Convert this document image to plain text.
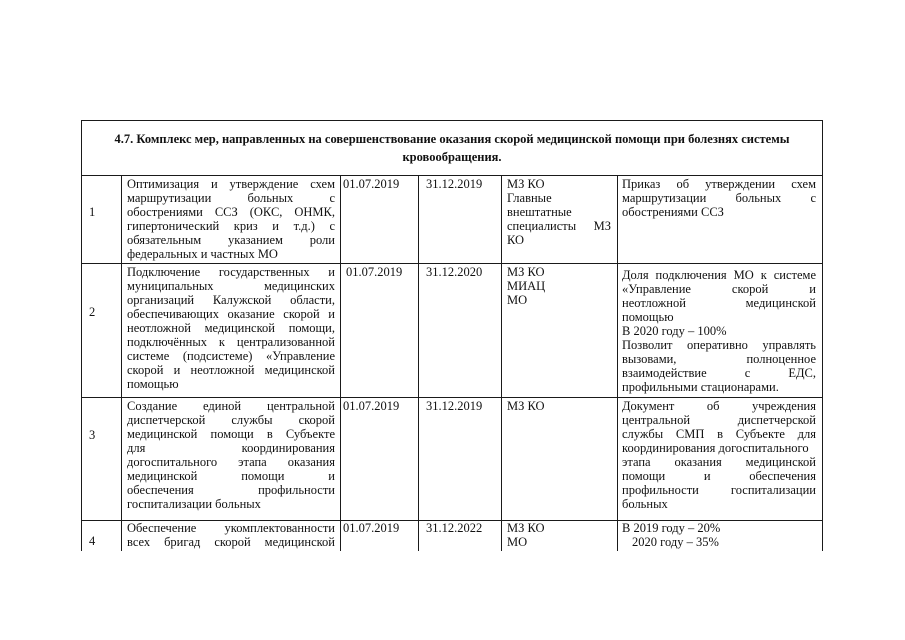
4.7. Комплекс мер, направленных на совершенствование оказания скорой медицинской помощи при болезнях системы
кровообращения.
1

Оптимизация и утверждение схем

маршрутизации больных с

обострениями ССЗ (ОКС, ОНМК,

гипертонический криз и т.д.) с

обязательным указанием роли

федеральных и частных МО

01.07.2019 31.12.2019 МЗ КО

Главные

внештатные

специалисты МЗ

КО

Приказ об утверждении схем

маршрутизации больных с

обострениями ССЗ

2

Подключение государственных и

муниципальных медицинских

организаций Калужской области,

обеспечивающих оказание скорой и

неотложной медицинской помощи,

подключённых к централизованной

системе (подсистеме) «Управление

скорой и неотложной медицинской

помощью

01.07.2019 31.12.2020 МЗ КО

МИАЦ

МО

Доля подключения МО к системе

«Управление скорой и

неотложной медицинской

помощью

В 2020 году – 100%

Позволит оперативно управлять

вызовами, полноценное

взаимодействие с ЕДС,

профильными стационарами.

3

Создание единой центральной

диспетчерской службы скорой

медицинской помощи в Субъекте

для координирования

догоспитального этапа оказания

медицинской помощи и

обеспечения профильности

госпитализации больных

01.07.2019 31.12.2019 МЗ КО	Документ об учреждения

центральной диспетчерской

службы СМП в Субъекте для

координирования догоспитального

этапа оказания медицинской

помощи и обеспечения

профильности госпитализации

больных

4

Обеспечение укомплектованности

всех бригад скорой медицинской

01.07.2019 31.12.2022 МЗ КО

МО

В 2019 году – 20%

2020 году – 35%
